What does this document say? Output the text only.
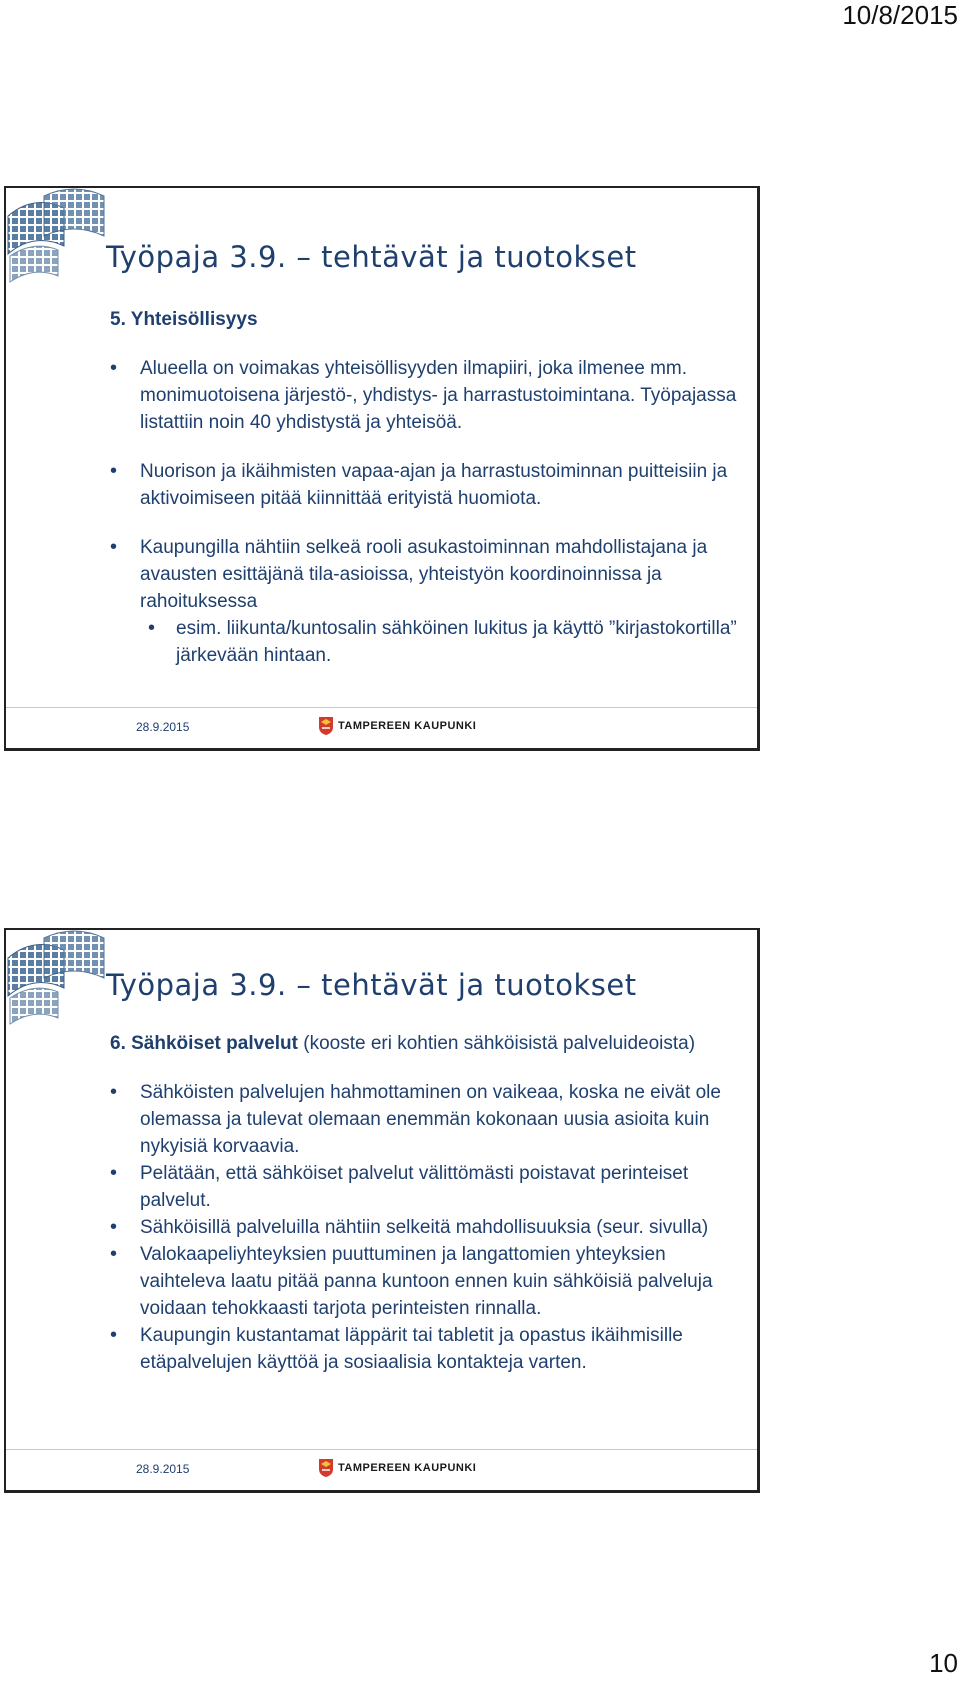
10/8/2015
Työpaja 3.9. – tehtävät ja tuotokset

5. Yhteisöllisyys

• Alueella on voimakas yhteisöllisyyden ilmapiiri, joka ilmenee mm. monimuotoisena järjestö-, yhdistys- ja harrastustoimintana. Työpajassa listattiin noin 40 yhdistystä ja yhteisöä.
• Nuorison ja ikäihmisten vapaa-ajan ja harrastustoiminnan puitteisiin ja aktivoimiseen pitää kiinnittää erityistä huomiota.
• Kaupungilla nähtiin selkeä rooli asukastoiminnan mahdollistajana ja avausten esittäjänä tila-asioissa, yhteistyön koordinoinnissa ja rahoituksessa
• esim. liikunta/kuntosalin sähköinen lukitus ja käyttö ”kirjastokortilla” järkevään hintaan.
28.9.2015	TAMPEREEN KAUPUNKI
Työpaja 3.9. – tehtävät ja tuotokset

6. Sähköiset palvelut (kooste eri kohtien sähköisistä palveluideoista)

• Sähköisten palvelujen hahmottaminen on vaikeaa, koska ne eivät ole olemassa ja tulevat olemaan enemmän kokonaan uusia asioita kuin nykyisiä korvaavia.
• Pelätään, että sähköiset palvelut välittömästi poistavat perinteiset palvelut.
• Sähköisillä palveluilla nähtiin selkeitä mahdollisuuksia (seur. sivulla)
• Valokaapeliyhteyksien puuttuminen ja langattomien yhteyksien vaihteleva laatu pitää panna kuntoon ennen kuin sähköisiä palveluja voidaan tehokkaasti tarjota perinteisten rinnalla.
• Kaupungin kustantamat läppärit tai tabletit ja opastus ikäihmisille etäpalvelujen käyttöä ja sosiaalisia kontakteja varten.
28.9.2015	TAMPEREEN KAUPUNKI
10
